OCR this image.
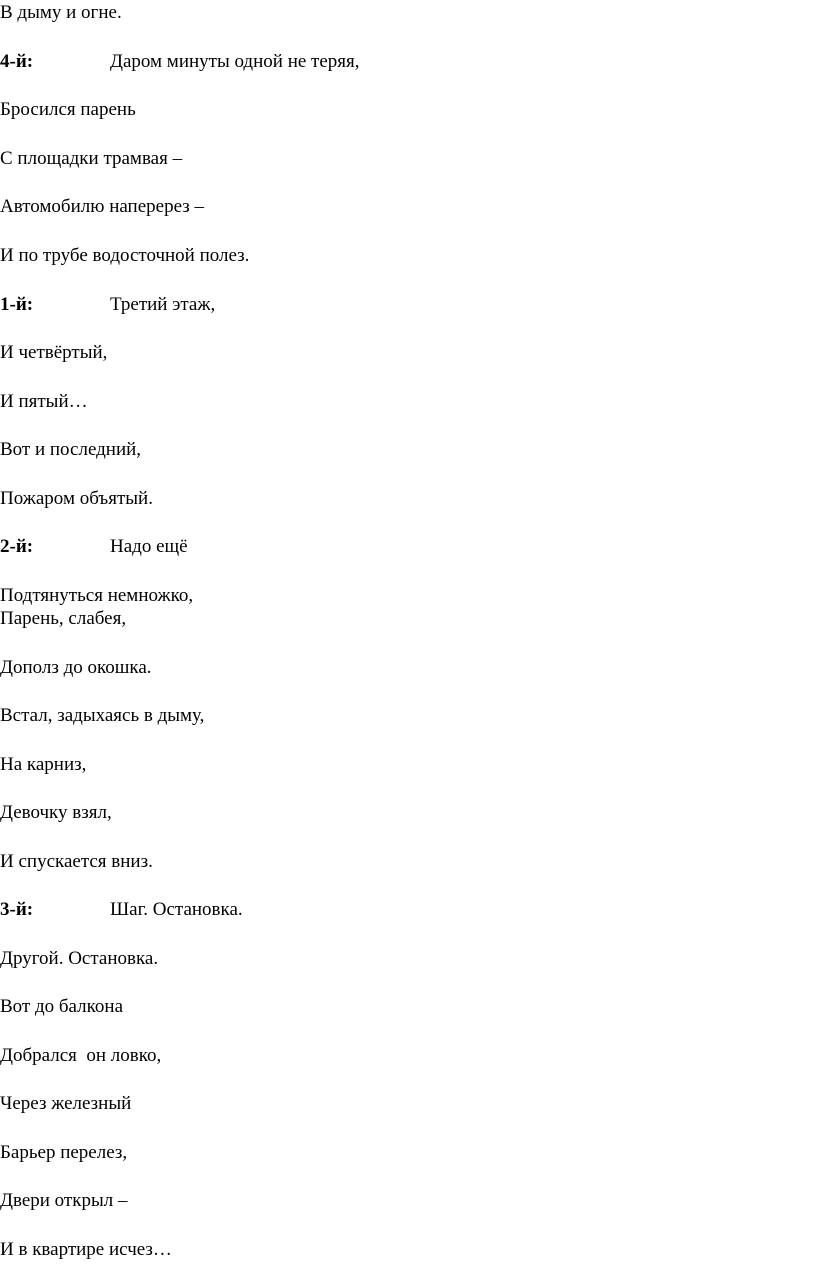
В дыму и огне.
4-й:	Даром минуты одной не теряя,
Бросился парень
С площадки трамвая –
Автомобилю наперерез –
И по трубе водосточной полез.
1-й:	Третий этаж,
И четвёртый,
И пятый…
Вот и последний,
Пожаром объятый.
2-й:	Надо ещё
Подтянуться немножко,
Парень, слабея,
Дополз до окошка.
Встал, задыхаясь в дыму,
На карниз,
Девочку взял,
И спускается вниз.
3-й:	Шаг. Остановка.
Другой. Остановка.
Вот до балкона
Добрался  он ловко,
Через железный
Барьер перелез,
Двери открыл –
И в квартире исчез…
